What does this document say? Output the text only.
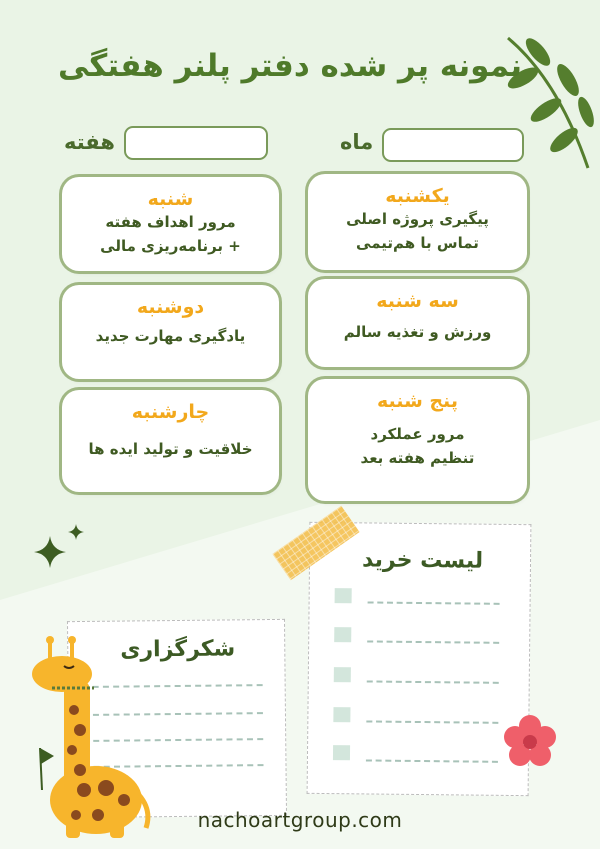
نمونه پر شده دفتر پلنر هفتگی
هفته	ماه
شنبه
مرور اهداف هفته
+ برنامه‌ریزی مالی
دوشنبه
یادگیری مهارت جدید
چارشنبه
خلاقیت و تولید ایده ها
یکشنبه
پیگیری پروژه اصلی
تماس با هم‌تیمی
سه شنبه
ورزش و تغذیه سالم
پنج شنبه
مرور عملکرد
تنظیم هفته بعد
لیست خرید
شکرگزاری
nachoartgroup.com
